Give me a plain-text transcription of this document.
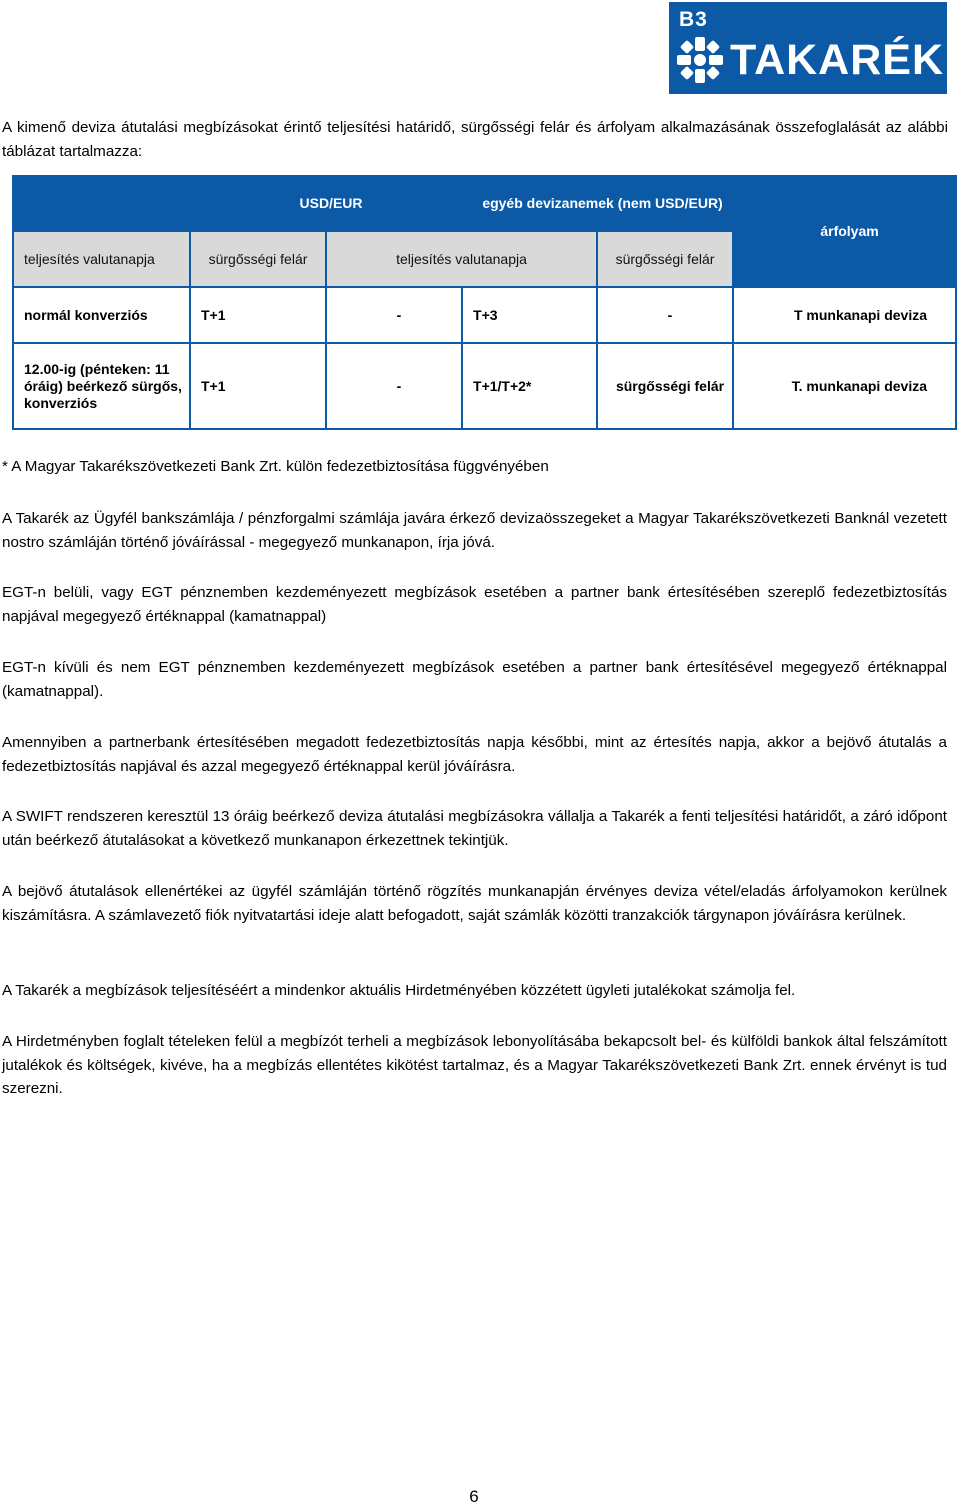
B3
TAKARÉK
A kimenő deviza átutalási megbízásokat érintő teljesítési határidő, sürgősségi felár és árfolyam alkalmazásának összefoglalását az alábbi táblázat tartalmazza:
	USD/EUR		egyéb devizanemek (nem USD/EUR)		árfolyam
teljesítés valutanapja	sürgősségi felár	teljesítés valutanapja		sürgősségi felár	
normál konverziós	T+1	-	T+3	-	T munkanapi deviza
12.00-ig (pénteken: 11 óráig) beérkező sürgős, konverziós	T+1	-	T+1/T+2*	sürgősségi felár	T. munkanapi deviza
* A Magyar Takarékszövetkezeti Bank Zrt. külön fedezetbiztosítása függvényében
A Takarék az Ügyfél bankszámlája / pénzforgalmi számlája javára érkező devizaösszegeket a Magyar Takarékszövetkezeti Banknál vezetett nostro számláján történő jóváírással - megegyező munkanapon, írja jóvá.
EGT-n belüli, vagy EGT pénznemben kezdeményezett megbízások esetében a partner bank értesítésében szereplő fedezetbiztosítás napjával megegyező értéknappal (kamatnappal)
EGT-n kívüli és nem EGT pénznemben kezdeményezett megbízások esetében a partner bank értesítésével megegyező értéknappal (kamatnappal).
Amennyiben a partnerbank értesítésében megadott fedezetbiztosítás napja későbbi, mint az értesítés napja, akkor a bejövő átutalás a fedezetbiztosítás napjával és azzal megegyező értéknappal kerül jóváírásra.
A SWIFT rendszeren keresztül 13 óráig beérkező deviza átutalási megbízásokra vállalja a Takarék a fenti teljesítési határidőt, a záró időpont után beérkező átutalásokat a következő munkanapon érkezettnek tekintjük.
A bejövő átutalások ellenértékei az ügyfél számláján történő rögzítés munkanapján érvényes deviza vétel/eladás árfolyamokon kerülnek kiszámításra. A számlavezető fiók nyitvatartási ideje alatt befogadott, saját számlák közötti tranzakciók tárgynapon jóváírásra kerülnek.
A Takarék a megbízások teljesítéséért a mindenkor aktuális Hirdetményében közzétett ügyleti jutalékokat számolja fel.
A Hirdetményben foglalt tételeken felül a megbízót terheli a megbízások lebonyolításába bekapcsolt bel- és külföldi bankok által felszámított jutalékok és költségek, kivéve, ha a megbízás ellentétes kikötést tartalmaz, és a Magyar Takarékszövetkezeti Bank Zrt. ennek érvényt is tud szerezni.
6
